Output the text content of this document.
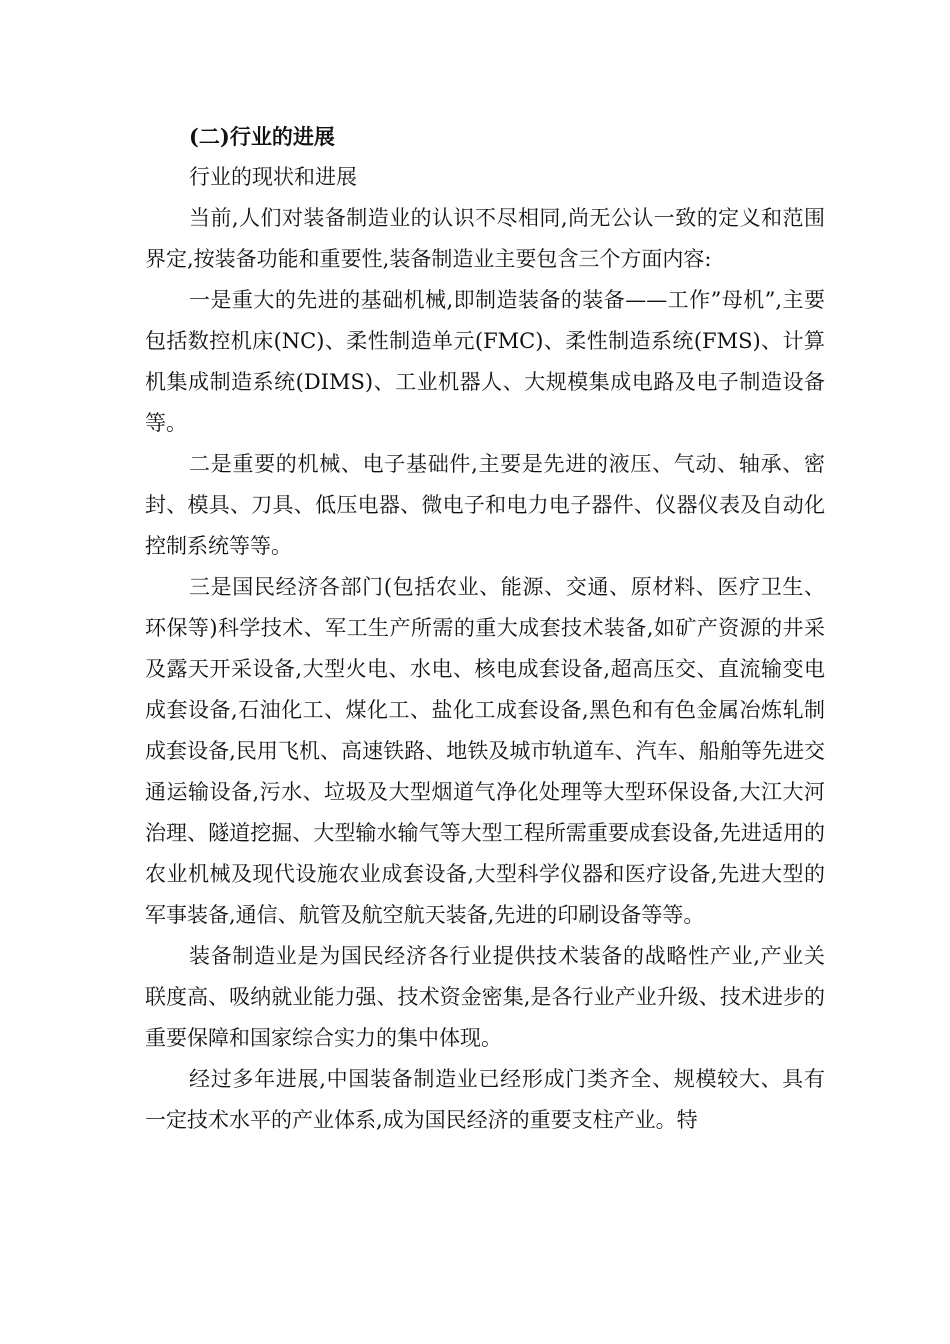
(二)行业的进展

行业的现状和进展

当前,人们对装备制造业的认识不尽相同,尚无公认一致的定义和范围界定,按装备功能和重要性,装备制造业主要包含三个方面内容:

一是重大的先进的基础机械,即制造装备的装备——工作”母机”,主要包括数控机床(NC)、柔性制造单元(FMC)、柔性制造系统(FMS)、计算机集成制造系统(DIMS)、工业机器人、大规模集成电路及电子制造设备等。

二是重要的机械、电子基础件,主要是先进的液压、气动、轴承、密封、模具、刀具、低压电器、微电子和电力电子器件、仪器仪表及自动化控制系统等等。

三是国民经济各部门(包括农业、能源、交通、原材料、医疗卫生、环保等)科学技术、军工生产所需的重大成套技术装备,如矿产资源的井采及露天开采设备,大型火电、水电、核电成套设备,超高压交、直流输变电成套设备,石油化工、煤化工、盐化工成套设备,黑色和有色金属冶炼轧制成套设备,民用飞机、高速铁路、地铁及城市轨道车、汽车、船舶等先进交通运输设备,污水、垃圾及大型烟道气净化处理等大型环保设备,大江大河治理、隧道挖掘、大型输水输气等大型工程所需重要成套设备,先进适用的农业机械及现代设施农业成套设备,大型科学仪器和医疗设备,先进大型的军事装备,通信、航管及航空航天装备,先进的印刷设备等等。

装备制造业是为国民经济各行业提供技术装备的战略性产业,产业关联度高、吸纳就业能力强、技术资金密集,是各行业产业升级、技术进步的重要保障和国家综合实力的集中体现。

经过多年进展,中国装备制造业已经形成门类齐全、规模较大、具有一定技术水平的产业体系,成为国民经济的重要支柱产业。特
